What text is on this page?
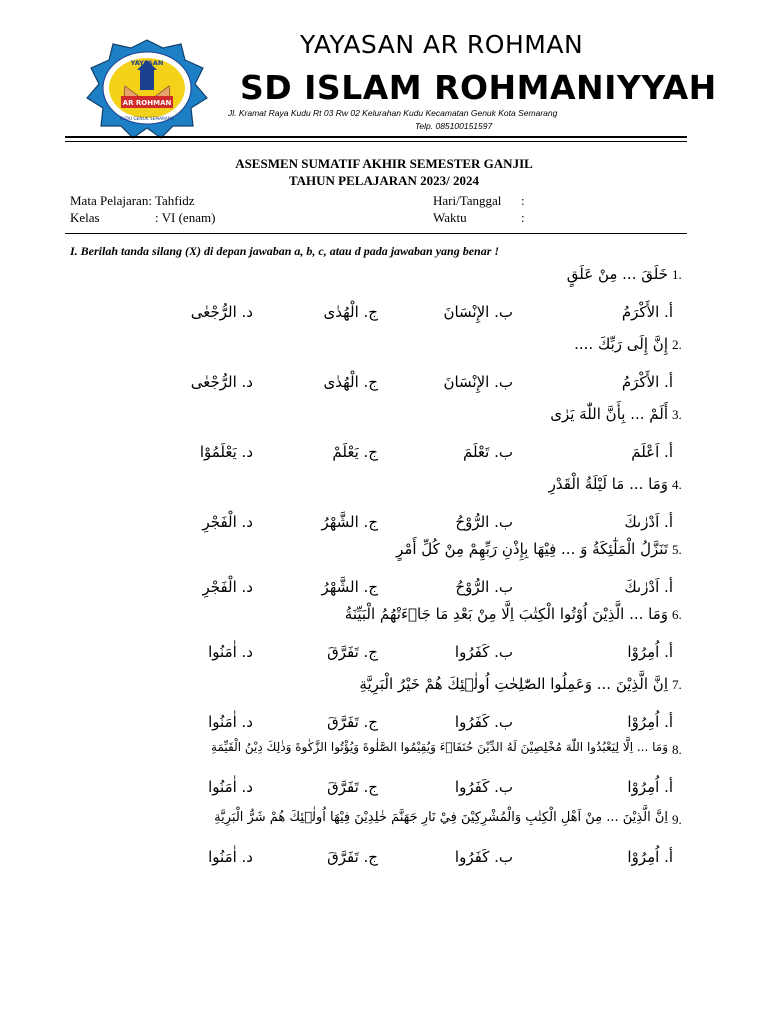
AR ROHMAN
YAYASAN
KUDU GENUK SEMARANG
YAYASAN AR ROHMAN
SD ISLAM ROHMANIYYAH
Jl. Kramat Raya Kudu Rt 03 Rw 02 Kelurahan Kudu Kecamatan Genuk Kota Semarang
Telp. 085100151597
ASESMEN SUMATIF AKHIR SEMESTER GANJIL
TAHUN PELAJARAN 2023/ 2024
Mata Pelajaran: Tahfidz
Kelas	: VI (enam)
Hari/Tanggal :
Waktu	:
I. Berilah tanda silang (X) di depan jawaban a, b, c, atau d pada jawaban yang benar !
1.
خَلَقَ ... مِنْ عَلَقٍ
أ. الأَكْرَمُ
ب. الإِنْسَانَ
ج. الْهُدٰى
د. الرُّجْعٰى
2.
إِنَّ إِلَى رَبِّكَ ....
أ. الأَكْرَمُ
ب. الإِنْسَانَ
ج. الْهُدٰى
د. الرُّجْعٰى
3.
أَلَمْ ... بِأَنَّ اللّٰهَ يَرٰى
أ. اَعْلَمَ
ب. تَعْلَمَ
ج. يَعْلَمْ
د. يَعْلَمُوْا
4.
وَمَا ... مَا لَيْلَةُ الْقَدْرِ
أ. اَدْرٰىكَ
ب. الرُّوْحُ
ج. الشَّهْرُ
د. الْفَجْرِ
5.
تَنَزَّلُ الْمَلٰٓئِكَةُ وَ ... فِيْهَا بِإِذْنِ رَبِّهِمْ مِنْ كُلِّ أَمْرٍ
أ. اَدْرٰىكَ
ب. الرُّوْحُ
ج. الشَّهْرُ
د. الْفَجْرِ
6.
وَمَا ... الَّذِيْنَ اُوْتُوا الْكِتٰبَ اِلَّا مِنْ بَعْدِ مَا جَاۤءَتْهُمُ الْبَيِّنَةُ
أ. اُمِرُوْا
ب. كَفَرُوا
ج. تَفَرَّقَ
د. اٰمَنُوا
7.
اِنَّ الَّذِيْنَ ... وَعَمِلُوا الصّٰلِحٰتِ اُولٰۤئِكَ هُمْ خَيْرُ الْبَرِيَّةِ
أ. اُمِرُوْا
ب. كَفَرُوا
ج. تَفَرَّقَ
د. اٰمَنُوا
8.
وَمَا ... اِلَّا لِيَعْبُدُوا اللّٰهَ مُخْلِصِيْنَ لَهُ الدِّيْنَ حُنَفَاۤءَ وَيُقِيْمُوا الصَّلٰوةَ وَيُؤْتُوا الزَّكٰوةَ وَذٰلِكَ دِيْنُ الْقَيِّمَةِ
أ. اُمِرُوْا
ب. كَفَرُوا
ج. تَفَرَّقَ
د. اٰمَنُوا
9.
اِنَّ الَّذِيْنَ ... مِنْ اَهْلِ الْكِتٰبِ وَالْمُشْرِكِيْنَ فِيْ نَارِ جَهَنَّمَ خٰلِدِيْنَ فِيْهَا اُولٰۤئِكَ هُمْ شَرُّ الْبَرِيَّةِ
أ. اُمِرُوْا
ب. كَفَرُوا
ج. تَفَرَّقَ
د. اٰمَنُوا
